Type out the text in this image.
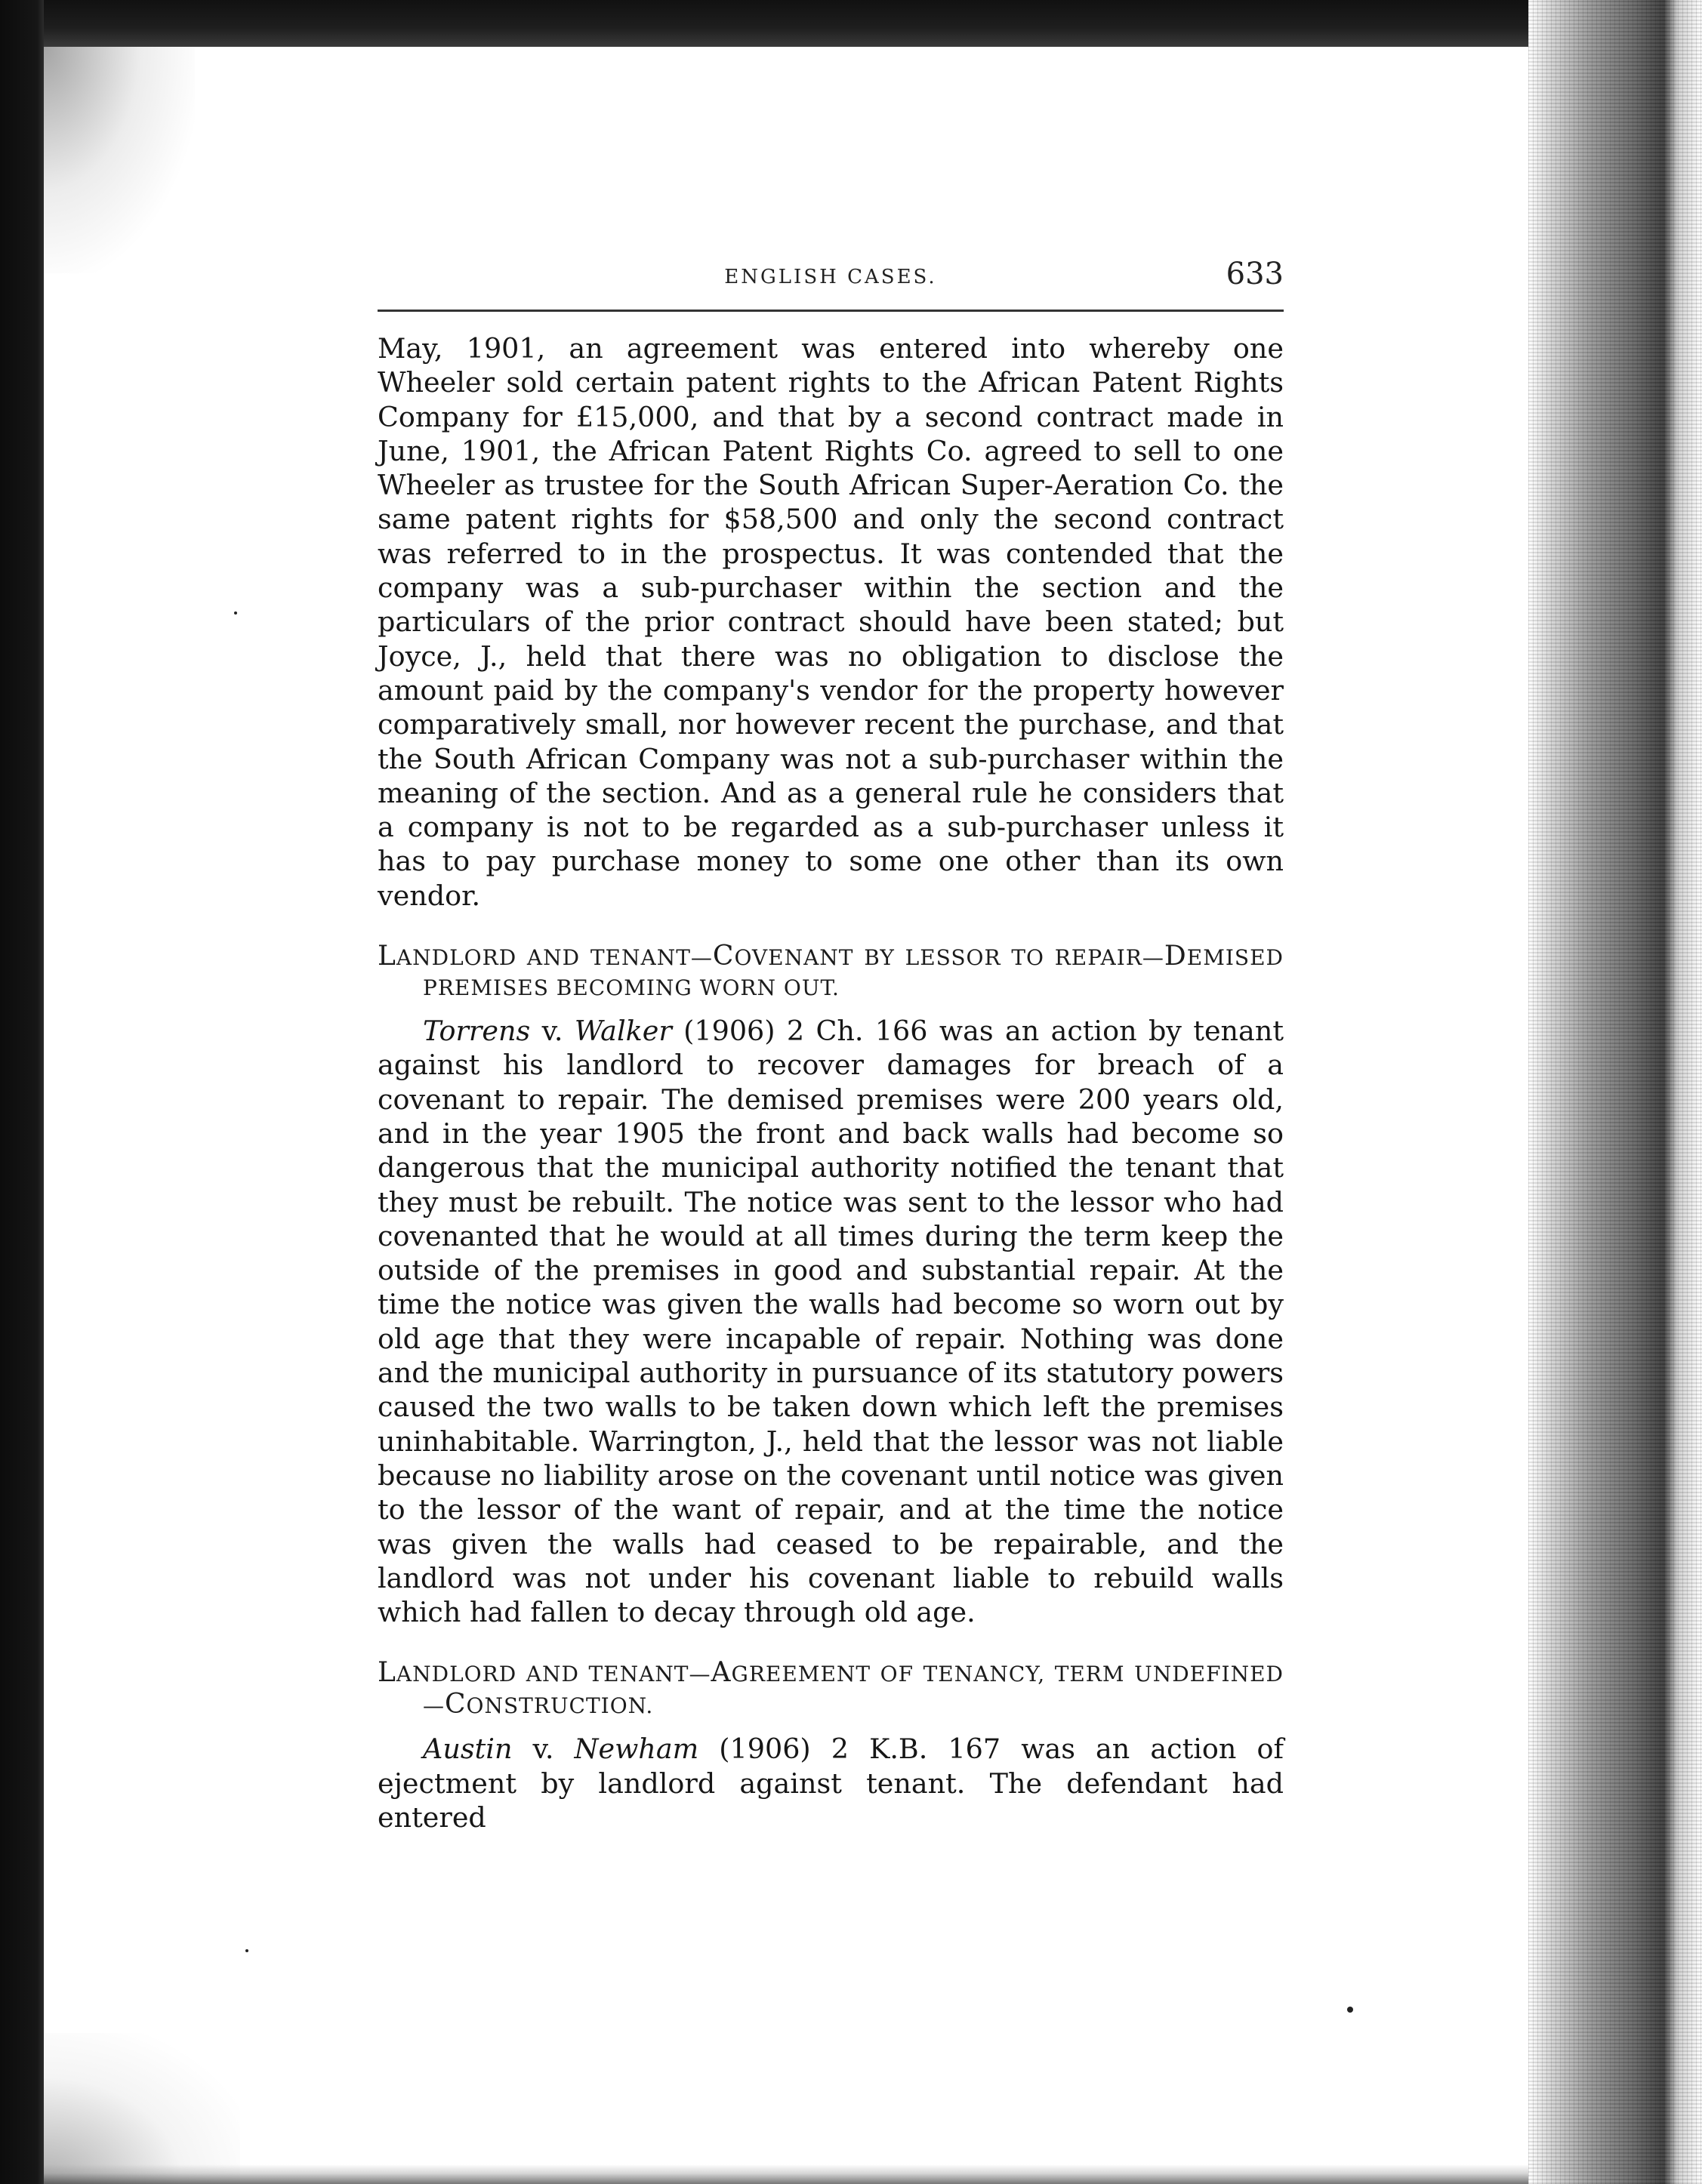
ENGLISH CASES.	633

May, 1901, an agreement was entered into whereby one Wheeler sold certain patent rights to the African Patent Rights Company for £15,000, and that by a second contract made in June, 1901, the African Patent Rights Co. agreed to sell to one Wheeler as trustee for the South African Super-Aeration Co. the same patent rights for $58,500 and only the second contract was referred to in the prospectus. It was contended that the company was a sub-purchaser within the section and the particulars of the prior contract should have been stated; but Joyce, J., held that there was no obligation to disclose the amount paid by the company's vendor for the property however comparatively small, nor however recent the purchase, and that the South African Company was not a sub-purchaser within the meaning of the section. And as a general rule he considers that a company is not to be regarded as a sub-purchaser unless it has to pay purchase money to some one other than its own vendor.

LANDLORD AND TENANT—COVENANT BY LESSOR TO REPAIR—DEMISED PREMISES BECOMING WORN OUT.

Torrens v. Walker (1906) 2 Ch. 166 was an action by tenant against his landlord to recover damages for breach of a covenant to repair. The demised premises were 200 years old, and in the year 1905 the front and back walls had become so dangerous that the municipal authority notified the tenant that they must be rebuilt. The notice was sent to the lessor who had covenanted that he would at all times during the term keep the outside of the premises in good and substantial repair. At the time the notice was given the walls had become so worn out by old age that they were incapable of repair. Nothing was done and the municipal authority in pursuance of its statutory powers caused the two walls to be taken down which left the premises uninhabitable. Warrington, J., held that the lessor was not liable because no liability arose on the covenant until notice was given to the lessor of the want of repair, and at the time the notice was given the walls had ceased to be repairable, and the landlord was not under his covenant liable to rebuild walls which had fallen to decay through old age.

LANDLORD AND TENANT—AGREEMENT OF TENANCY, TERM UNDEFINED—CONSTRUCTION.

Austin v. Newham (1906) 2 K.B. 167 was an action of ejectment by landlord against tenant. The defendant had entered
